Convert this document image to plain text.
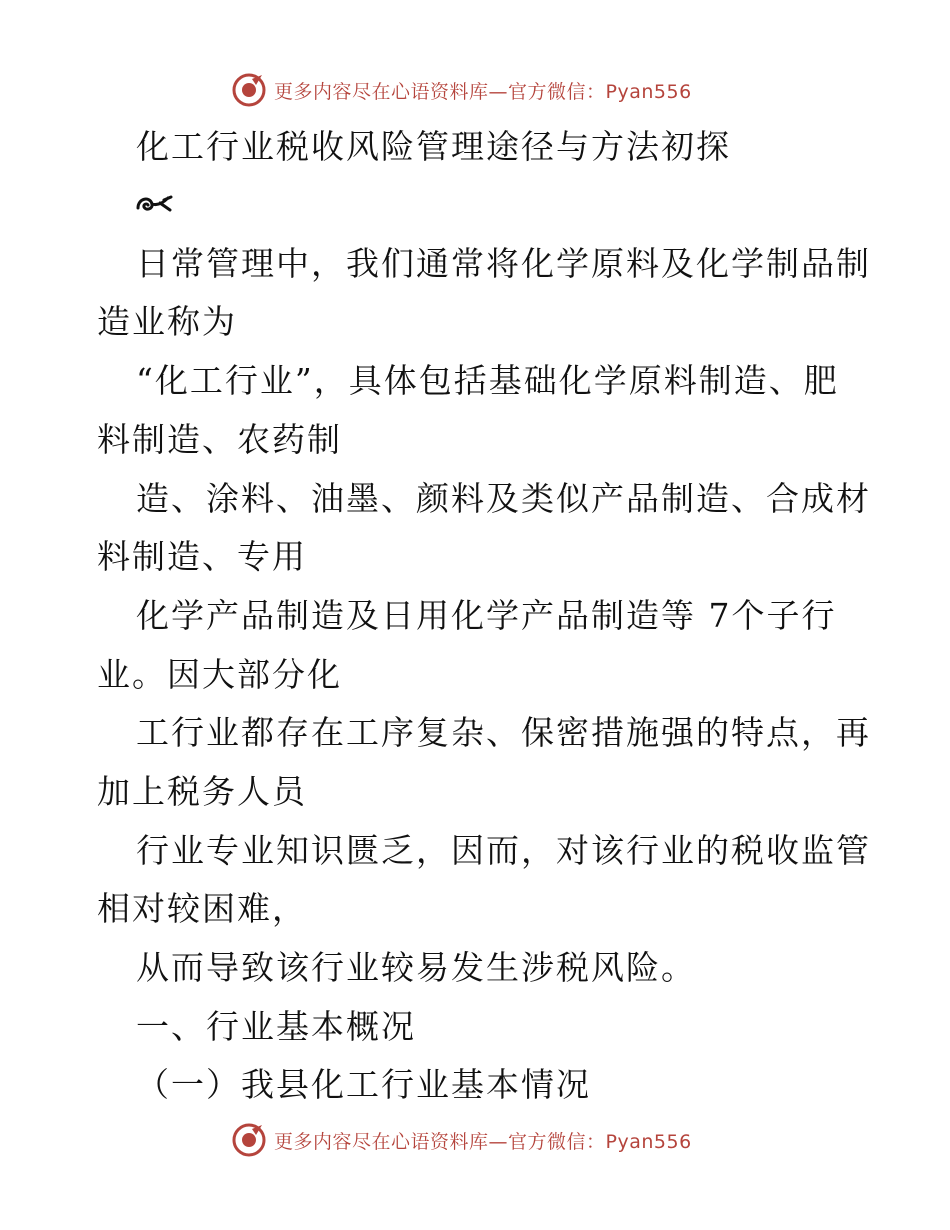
更多内容尽在心语资料库—官方微信：Pyan556
化工行业税收风险管理途径与方法初探
日常管理中，我们通常将化学原料及化学制品制
造业称为
“化工行业”，具体包括基础化学原料制造、肥
料制造、农药制
造、涂料、油墨、颜料及类似产品制造、合成材
料制造、专用
化学产品制造及日用化学产品制造等 7个子行
业。因大部分化
工行业都存在工序复杂、保密措施强的特点，再
加上税务人员
行业专业知识匮乏，因而，对该行业的税收监管
相对较困难，
从而导致该行业较易发生涉税风险。
一、行业基本概况
（一）我县化工行业基本情况
更多内容尽在心语资料库—官方微信：Pyan556
